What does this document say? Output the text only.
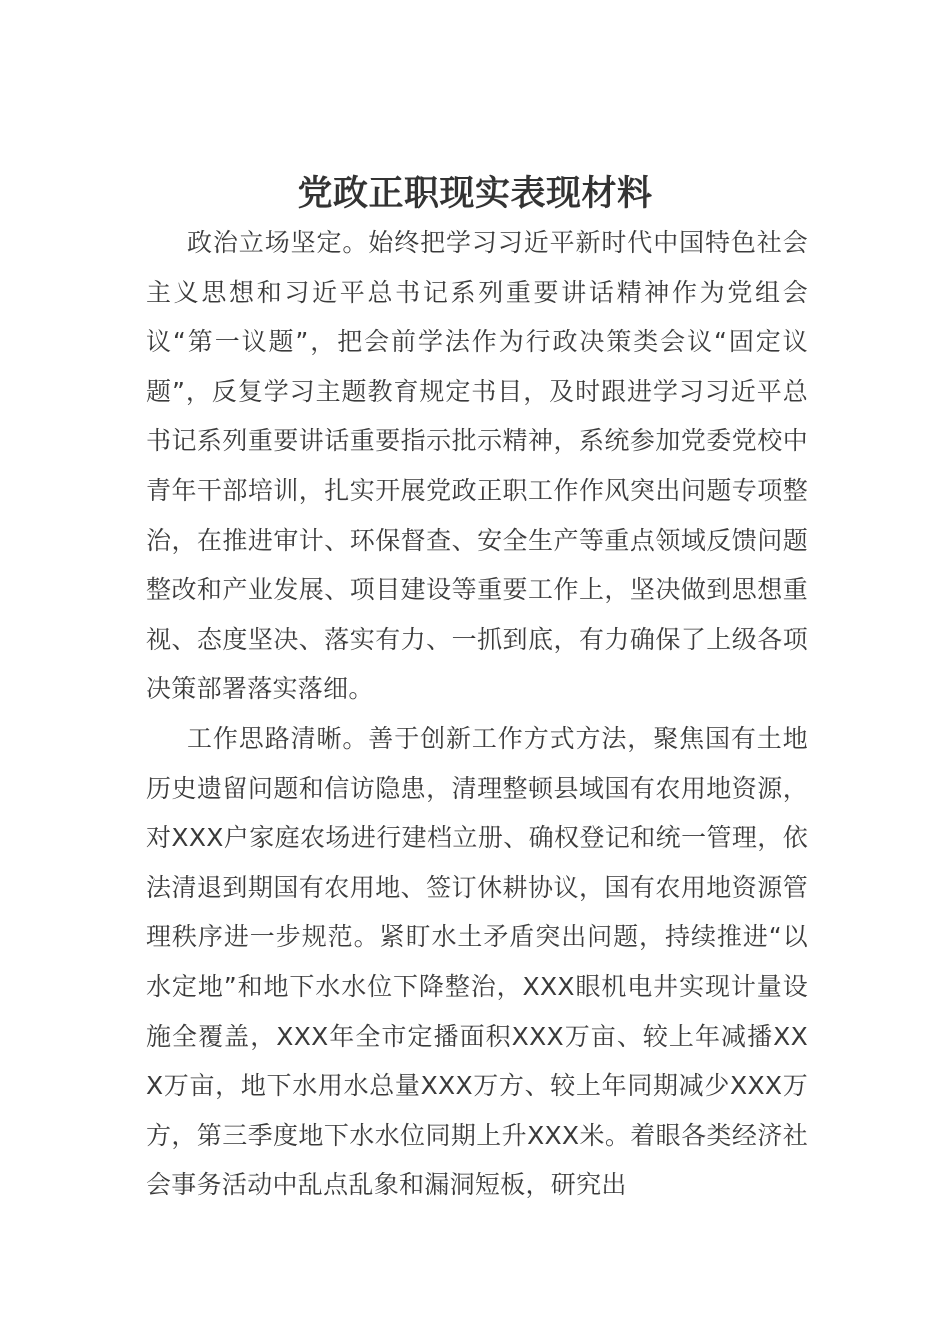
党政正职现实表现材料

政治立场坚定。始终把学习习近平新时代中国特色社会主义思想和习近平总书记系列重要讲话精神作为党组会议“第一议题”，把会前学法作为行政决策类会议“固定议题”，反复学习主题教育规定书目，及时跟进学习习近平总书记系列重要讲话重要指示批示精神，系统参加党委党校中青年干部培训，扎实开展党政正职工作作风突出问题专项整治，在推进审计、环保督查、安全生产等重点领域反馈问题整改和产业发展、项目建设等重要工作上，坚决做到思想重视、态度坚决、落实有力、一抓到底，有力确保了上级各项决策部署落实落细。

工作思路清晰。善于创新工作方式方法，聚焦国有土地历史遗留问题和信访隐患，清理整顿县域国有农用地资源，对XXX户家庭农场进行建档立册、确权登记和统一管理，依法清退到期国有农用地、签订休耕协议，国有农用地资源管理秩序进一步规范。紧盯水土矛盾突出问题，持续推进“以水定地”和地下水水位下降整治，XXX眼机电井实现计量设施全覆盖，XXX年全市定播面积XXX万亩、较上年减播XXX万亩，地下水用水总量XXX万方、较上年同期减少XXX万方，第三季度地下水水位同期上升XXX米。着眼各类经济社会事务活动中乱点乱象和漏洞短板，研究出
